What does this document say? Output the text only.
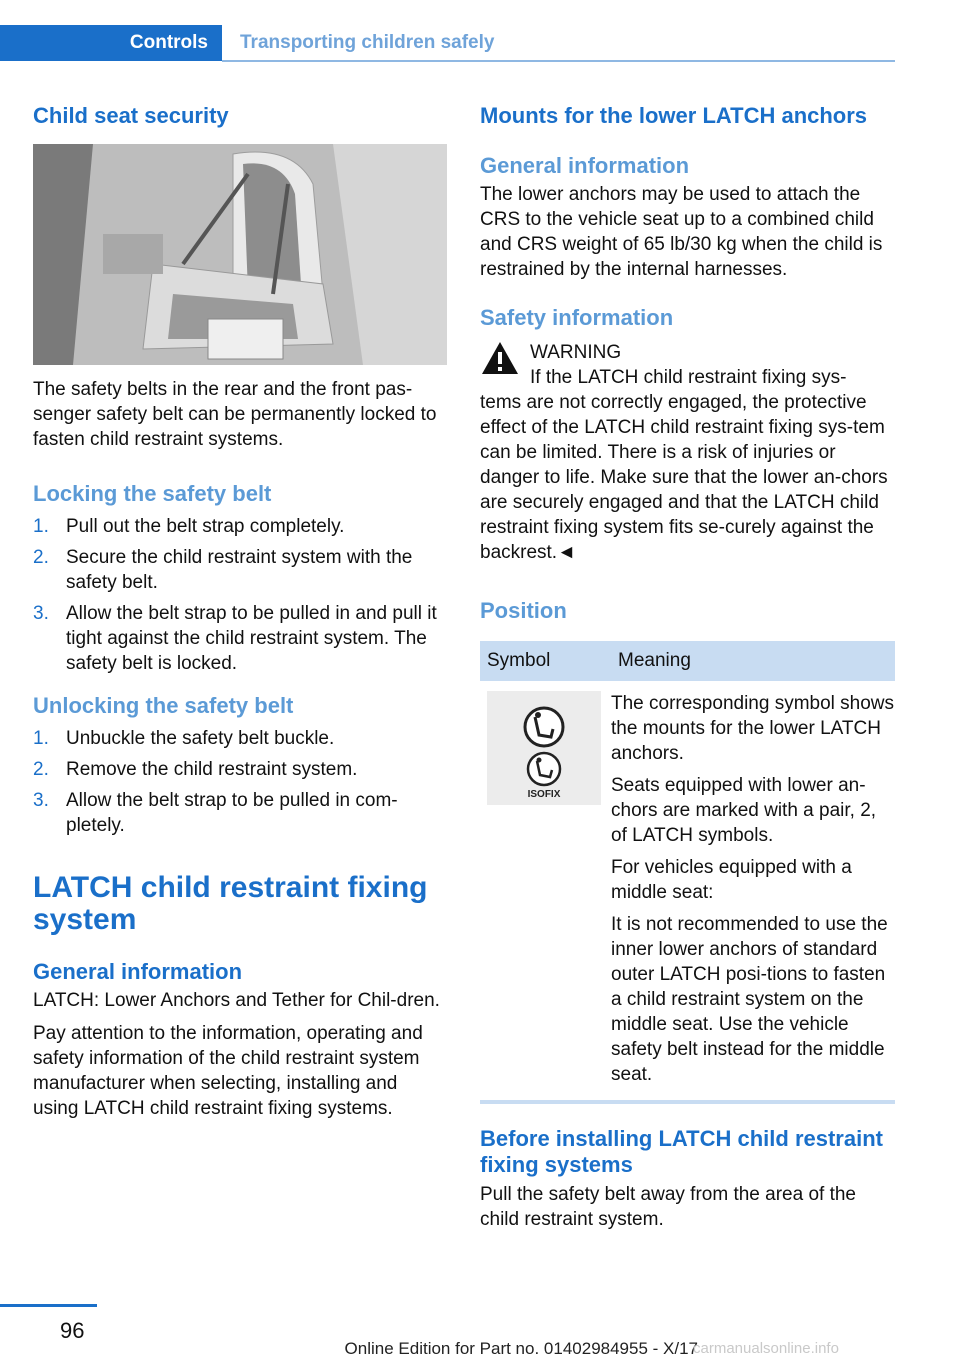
Controls	Transporting children safely
Child seat security

The safety belts in the rear and the front pas-senger safety belt can be permanently locked to fasten child restraint systems.

Locking the safety belt
1. Pull out the belt strap completely.
2. Secure the child restraint system with the safety belt.
3. Allow the belt strap to be pulled in and pull it tight against the child restraint system. The safety belt is locked.
Unlocking the safety belt
1. Unbuckle the safety belt buckle.
2. Remove the child restraint system.
3. Allow the belt strap to be pulled in com-pletely.
LATCH child restraint fixing system
General information

LATCH: Lower Anchors and Tether for Chil-dren.

Pay attention to the information, operating and safety information of the child restraint system manufacturer when selecting, installing and using LATCH child restraint fixing systems.

Mounts for the lower LATCH anchors
General information

The lower anchors may be used to attach the CRS to the vehicle seat up to a combined child and CRS weight of 65 lb/30 kg when the child is restrained by the internal harnesses.

Safety information
WARNING
If the LATCH child restraint fixing sys-

tems are not correctly engaged, the protective effect of the LATCH child restraint fixing sys-tem can be limited. There is a risk of injuries or danger to life. Make sure that the lower an-chors are securely engaged and that the LATCH child restraint fixing system fits se-curely against the backrest.◄

Position
Symbol	Meaning

ISOFIX	The corresponding symbol shows the mounts for the lower LATCH anchors.

Seats equipped with lower an-chors are marked with a pair, 2, of LATCH symbols.

For vehicles equipped with a middle seat:

It is not recommended to use the inner lower anchors of standard outer LATCH posi-tions to fasten a child restraint system on the middle seat. Use the vehicle safety belt instead for the middle seat.

Before installing LATCH child restraint fixing systems

Pull the safety belt away from the area of the child restraint system.

96
Online Edition for Part no. 01402984955 - X/17
carmanualsonline.info
